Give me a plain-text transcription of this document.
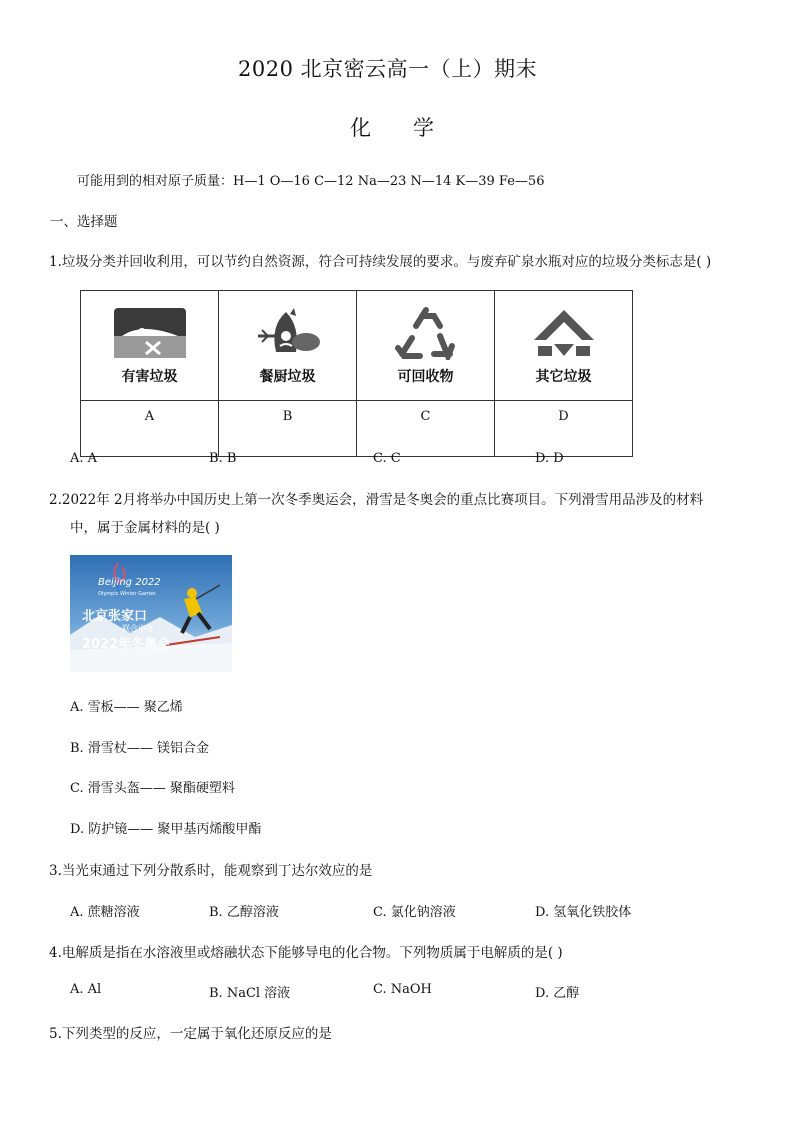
2020 北京密云高一（上）期末
化　　学
可能用到的相对原子质量：H—1 O—16 C—12 Na—23 N—14 K—39 Fe—56
一、选择题
1.垃圾分类并回收利用，可以节约自然资源，符合可持续发展的要求。与废弃矿泉水瓶对应的垃圾分类标志是( )
有害垃圾	餐厨垃圾	可回收物	其它垃圾

A	B	C	D
A. A	B. B	C. C	D. D
2.2022年 2月将举办中国历史上第一次冬季奥运会，滑雪是冬奥会的重点比赛项目。下列滑雪用品涉及的材料
中，属于金属材料的是( )
Beijing 2022
Olympic Winter Games
北京张家口
联合申办
2022年冬奥会
A. 雪板—— 聚乙烯
B. 滑雪杖—— 镁铝合金
C. 滑雪头盔—— 聚酯硬塑料
D. 防护镜—— 聚甲基丙烯酸甲酯
3.当光束通过下列分散系时，能观察到丁达尔效应的是
A. 蔗糖溶液	B. 乙醇溶液	C. 氯化钠溶液	D. 氢氧化铁胶体
4.电解质是指在水溶液里或熔融状态下能够导电的化合物。下列物质属于电解质的是( )
A. Al	B. NaCl 溶液	C. NaOH	D. 乙醇
5.下列类型的反应，一定属于氧化还原反应的是
